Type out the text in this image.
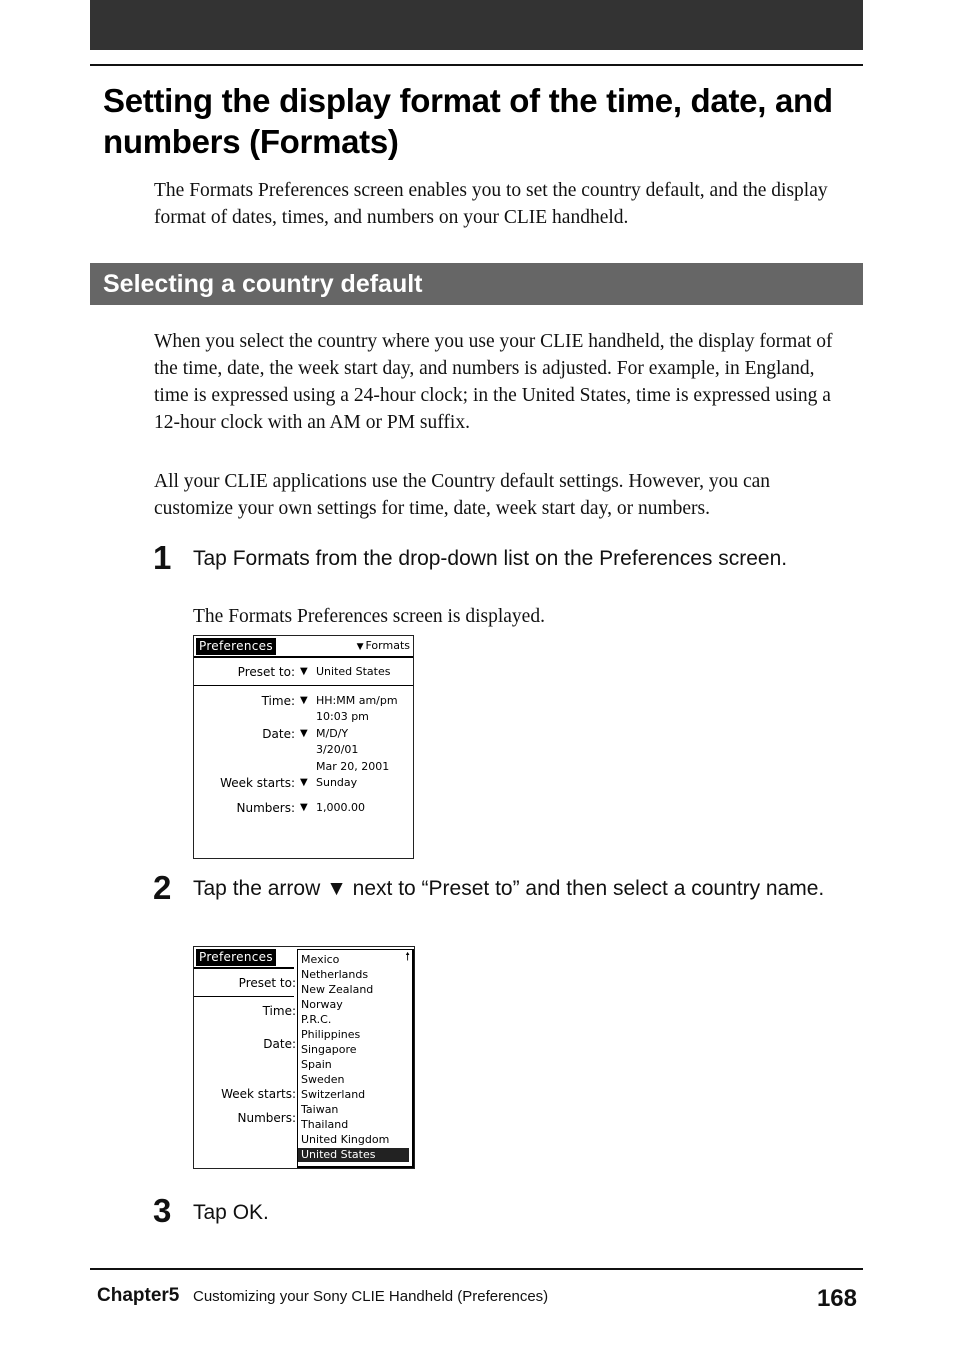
Setting the display format of the time, date, and numbers (Formats)

The Formats Preferences screen enables you to set the country default, and the display format of dates, times, and numbers on your CLIE handheld.

Selecting a country default

When you select the country where you use your CLIE handheld, the display format of the time, date, the week start day, and numbers is adjusted. For example, in England, time is expressed using a 24-hour clock; in the United States, time is expressed using a 12-hour clock with an AM or PM suffix.

All your CLIE applications use the Country default settings. However, you can customize your own settings for time, date, week start day, or numbers.

1 Tap Formats from the drop-down list on the Preferences screen.

The Formats Preferences screen is displayed.

Preferences	▼ Formats
Preset to: ▼ United States
Time: ▼ HH:MM am/pm
10:03 pm
Date: ▼ M/D/Y
3/20/01
Mar 20, 2001
Week starts: ▼ Sunday
Numbers: ▼ 1,000.00
2 Tap the arrow ▼ next to “Preset to” and then select a country name.

Preferences
Preset to:
Time:
Date:
Week starts:
Numbers:
🠕
Mexico
Netherlands
New Zealand
Norway
P.R.C.
Philippines
Singapore
Spain
Sweden
Switzerland
Taiwan
Thailand
United Kingdom
United States
3 Tap OK.

Chapter5 Customizing your Sony CLIE Handheld (Preferences)	168
